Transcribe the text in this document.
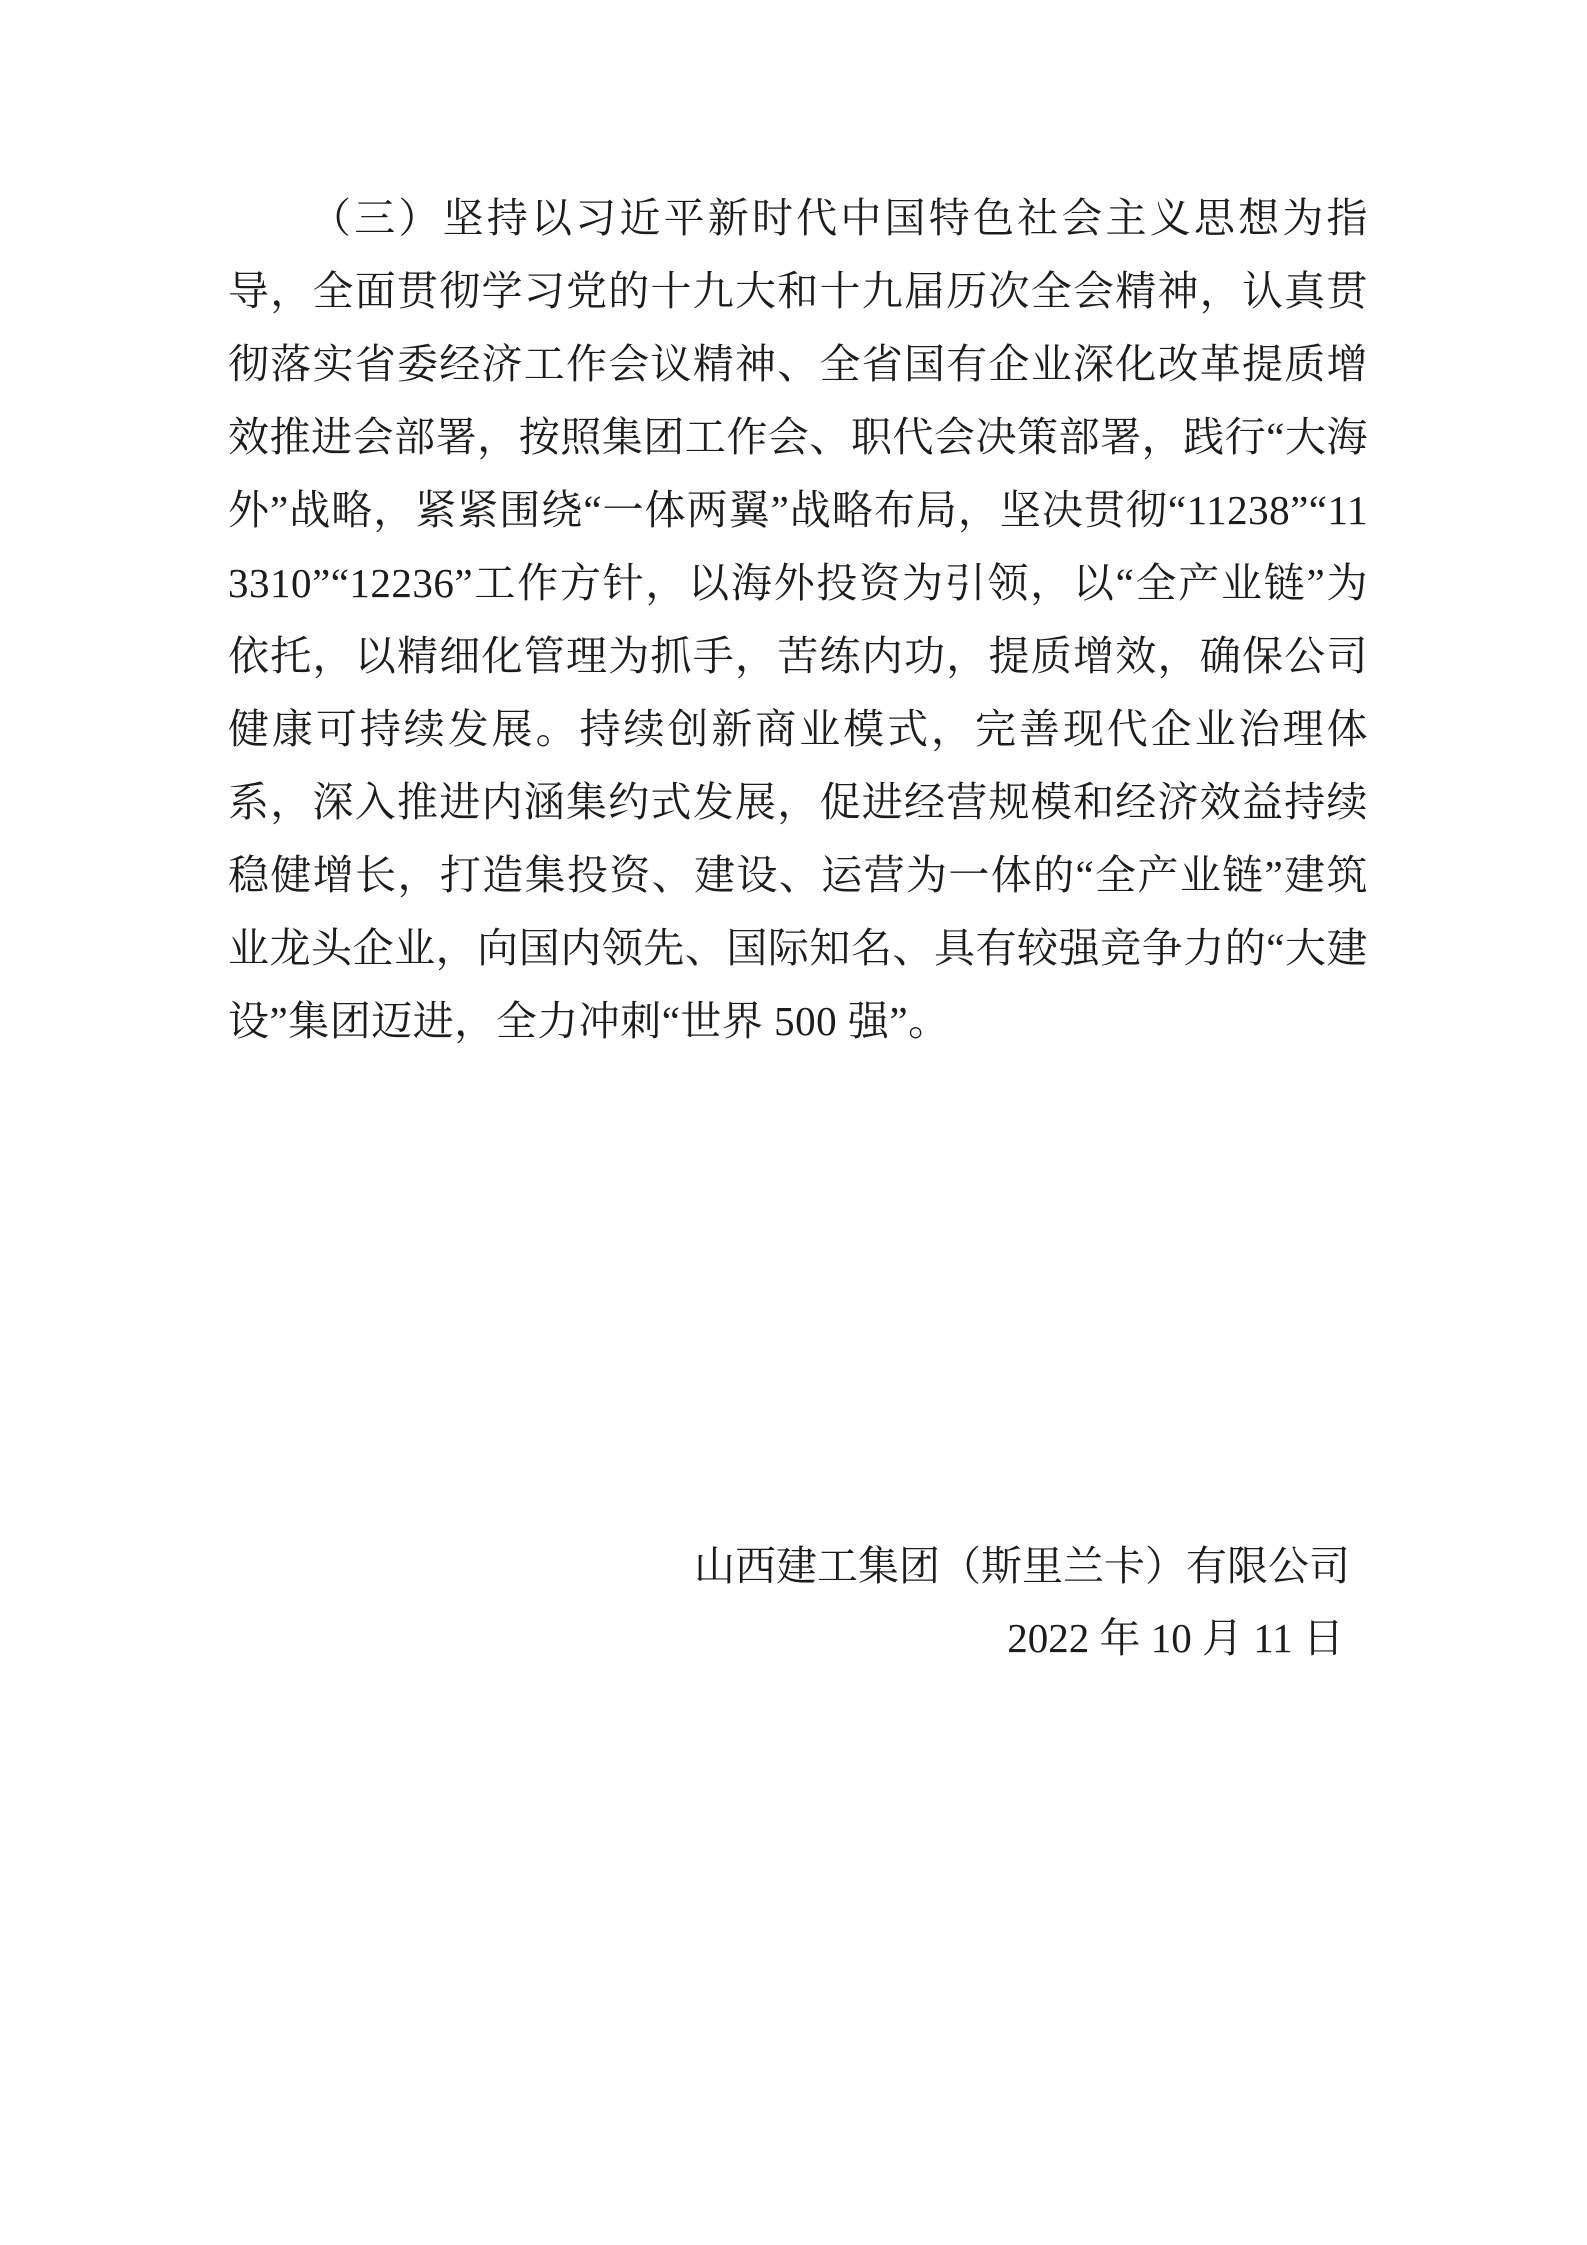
（三）坚持以习近平新时代中国特色社会主义思想为指导，全面贯彻学习党的十九大和十九届历次全会精神，认真贯彻落实省委经济工作会议精神、全省国有企业深化改革提质增效推进会部署，按照集团工作会、职代会决策部署，践行“大海外”战略，紧紧围绕“一体两翼”战略布局，坚决贯彻“11238”“113310”“12236”工作方针，以海外投资为引领，以“全产业链”为依托，以精细化管理为抓手，苦练内功，提质增效，确保公司健康可持续发展。持续创新商业模式，完善现代企业治理体系，深入推进内涵集约式发展，促进经营规模和经济效益持续稳健增长，打造集投资、建设、运营为一体的“全产业链”建筑业龙头企业，向国内领先、国际知名、具有较强竞争力的“大建设”集团迈进，全力冲刺“世界 500 强”。

山西建工集团（斯里兰卡）有限公司

2022 年 10 月 11 日
